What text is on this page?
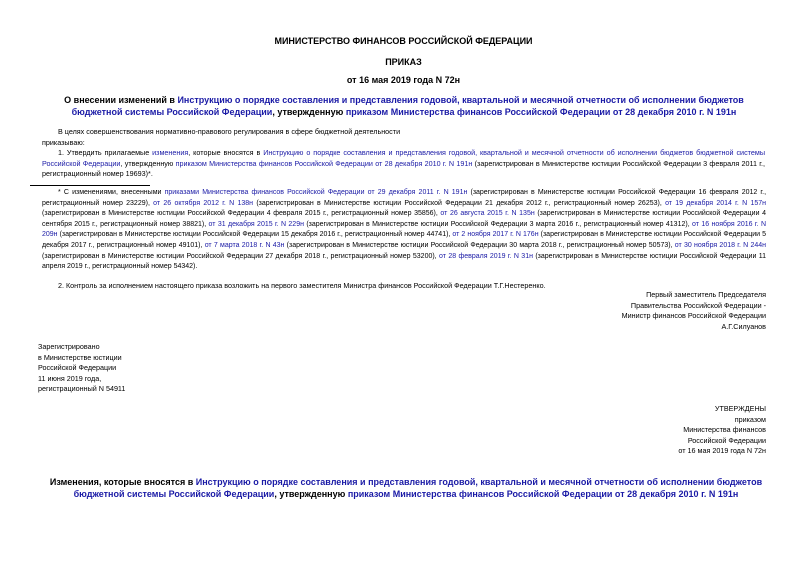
МИНИСТЕРСТВО ФИНАНСОВ РОССИЙСКОЙ ФЕДЕРАЦИИ
ПРИКАЗ
от 16 мая 2019 года N 72н
О внесении изменений в Инструкцию о порядке составления и представления годовой, квартальной и месячной отчетности об исполнении бюджетов бюджетной системы Российской Федерации, утвержденную приказом Министерства финансов Российской Федерации от 28 декабря 2010 г. N 191н
В целях совершенствования нормативно-правового регулирования в сфере бюджетной деятельности
приказываю:
1. Утвердить прилагаемые изменения, которые вносятся в Инструкцию о порядке составления и представления годовой, квартальной и месячной отчетности об исполнении бюджетов бюджетной системы Российской Федерации, утвержденную приказом Министерства финансов Российской Федерации от 28 декабря 2010 г. N 191н (зарегистрирован в Министерстве юстиции Российской Федерации 3 февраля 2011 г., регистрационный номер 19693)*.
* С изменениями, внесенными приказами Министерства финансов Российской Федерации от 29 декабря 2011 г. N 191н (зарегистрирован в Министерстве юстиции Российской Федерации 16 февраля 2012 г., регистрационный номер 23229), от 26 октября 2012 г. N 138н (зарегистрирован в Министерстве юстиции Российской Федерации 21 декабря 2012 г., регистрационный номер 26253), от 19 декабря 2014 г. N 157н (зарегистрирован в Министерстве юстиции Российской Федерации 4 февраля 2015 г., регистрационный номер 35856), от 26 августа 2015 г. N 135н (зарегистрирован в Министерстве юстиции Российской Федерации 4 сентября 2015 г., регистрационный номер 38821), от 31 декабря 2015 г. N 229н (зарегистрирован в Министерстве юстиции Российской Федерации 3 марта 2016 г., регистрационный номер 41312), от 16 ноября 2016 г. N 209н (зарегистрирован в Министерстве юстиции Российской Федерации 15 декабря 2016 г., регистрационный номер 44741), от 2 ноября 2017 г. N 176н (зарегистрирован в Министерстве юстиции Российской Федерации 5 декабря 2017 г., регистрационный номер 49101), от 7 марта 2018 г. N 43н (зарегистрирован в Министерстве юстиции Российской Федерации 30 марта 2018 г., регистрационный номер 50573), от 30 ноября 2018 г. N 244н (зарегистрирован в Министерстве юстиции Российской Федерации 27 декабря 2018 г., регистрационный номер 53200), от 28 февраля 2019 г. N 31н (зарегистрирован в Министерстве юстиции Российской Федерации 11 апреля 2019 г., регистрационный номер 54342).
2. Контроль за исполнением настоящего приказа возложить на первого заместителя Министра финансов Российской Федерации Т.Г.Нестеренко.
Первый заместитель Председателя
Правительства Российской Федерации -
Министр финансов Российской Федерации
А.Г.Силуанов
Зарегистрировано
в Министерстве юстиции
Российской Федерации
11 июня 2019 года,
регистрационный N 54911
УТВЕРЖДЕНЫ
приказом
Министерства финансов
Российской Федерации
от 16 мая 2019 года N 72н
Изменения, которые вносятся в Инструкцию о порядке составления и представления годовой, квартальной и месячной отчетности об исполнении бюджетов бюджетной системы Российской Федерации, утвержденную приказом Министерства финансов Российской Федерации от 28 декабря 2010 г. N 191н
